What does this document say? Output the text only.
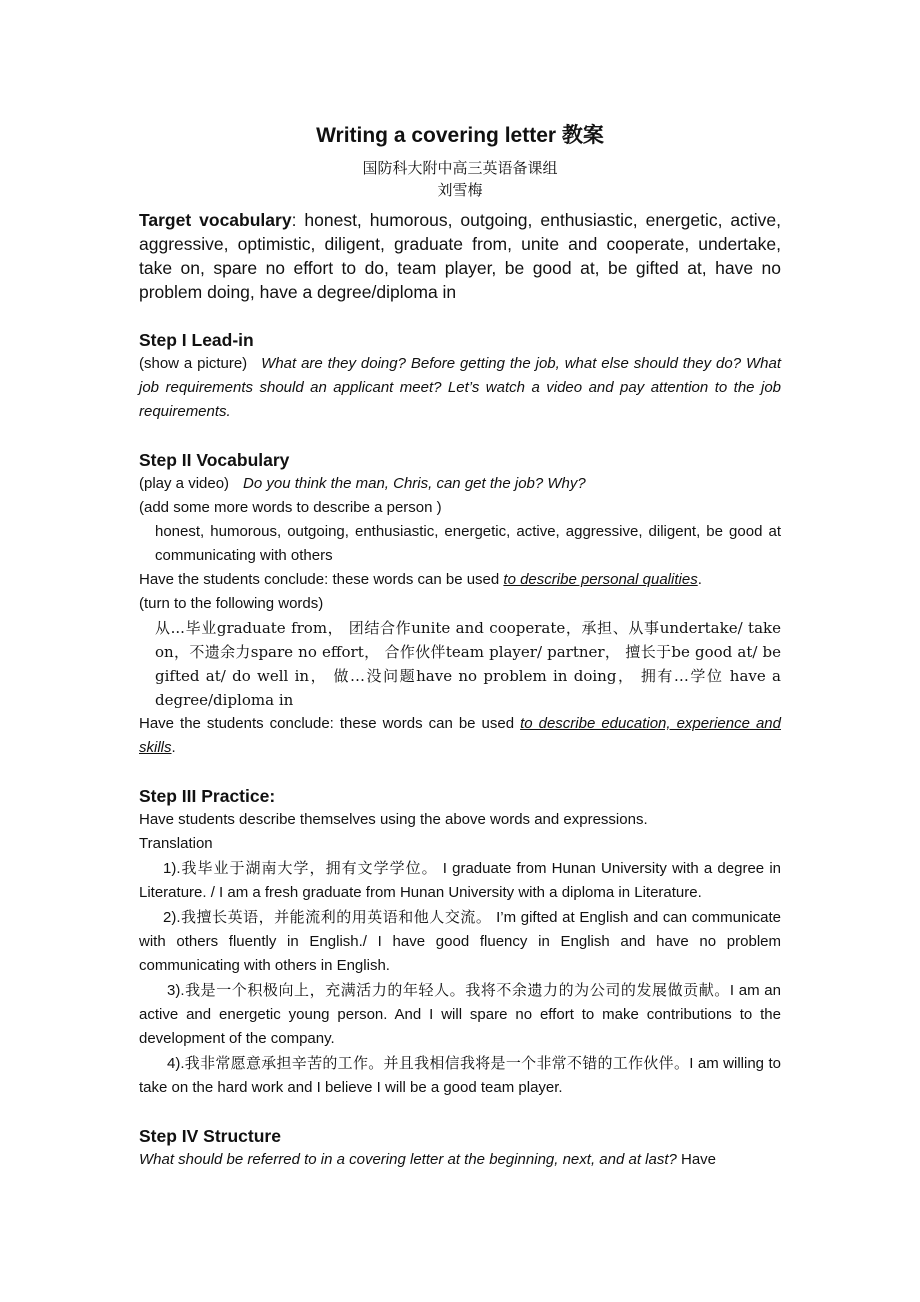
Writing a covering letter 教案

国防科大附中高三英语备课组

刘雪梅

Target vocabulary: honest, humorous, outgoing, enthusiastic, energetic, active, aggressive, optimistic, diligent, graduate from, unite and cooperate, undertake, take on, spare no effort to do, team player, be good at, be gifted at, have no problem doing, have a degree/diploma in

Step I Lead-in

(show a picture) What are they doing? Before getting the job, what else should they do? What job requirements should an applicant meet? Let’s watch a video and pay attention to the job requirements.

Step II Vocabulary

(play a video) Do you think the man, Chris, can get the job? Why?

(add some more words to describe a person )

honest, humorous, outgoing, enthusiastic, energetic, active, aggressive, diligent, be good at communicating with others

Have the students conclude: these words can be used to describe personal qualities.

(turn to the following words)

从...毕业graduate from， 团结合作unite and cooperate，承担、从事undertake/ take on，不遗余力spare no effort， 合作伙伴team player/ partner， 擅长于be good at/ be gifted at/ do well in， 做…没问题have no problem in doing， 拥有…学位 have a degree/diploma in

Have the students conclude: these words can be used to describe education, experience and skills.

Step III Practice:

Have students describe themselves using the above words and expressions.

Translation

1).我毕业于湖南大学，拥有文学学位。 I graduate from Hunan University with a degree in Literature. / I am a fresh graduate from Hunan University with a diploma in Literature.

2).我擅长英语，并能流利的用英语和他人交流。 I’m gifted at English and can communicate with others fluently in English./ I have good fluency in English and have no problem communicating with others in English.

3).我是一个积极向上，充满活力的年轻人。我将不余遗力的为公司的发展做贡献。I am an active and energetic young person. And I will spare no effort to make contributions to the development of the company.

4).我非常愿意承担辛苦的工作。并且我相信我将是一个非常不错的工作伙伴。I am willing to take on the hard work and I believe I will be a good team player.

Step IV Structure

What should be referred to in a covering letter at the beginning, next, and at last? Have
